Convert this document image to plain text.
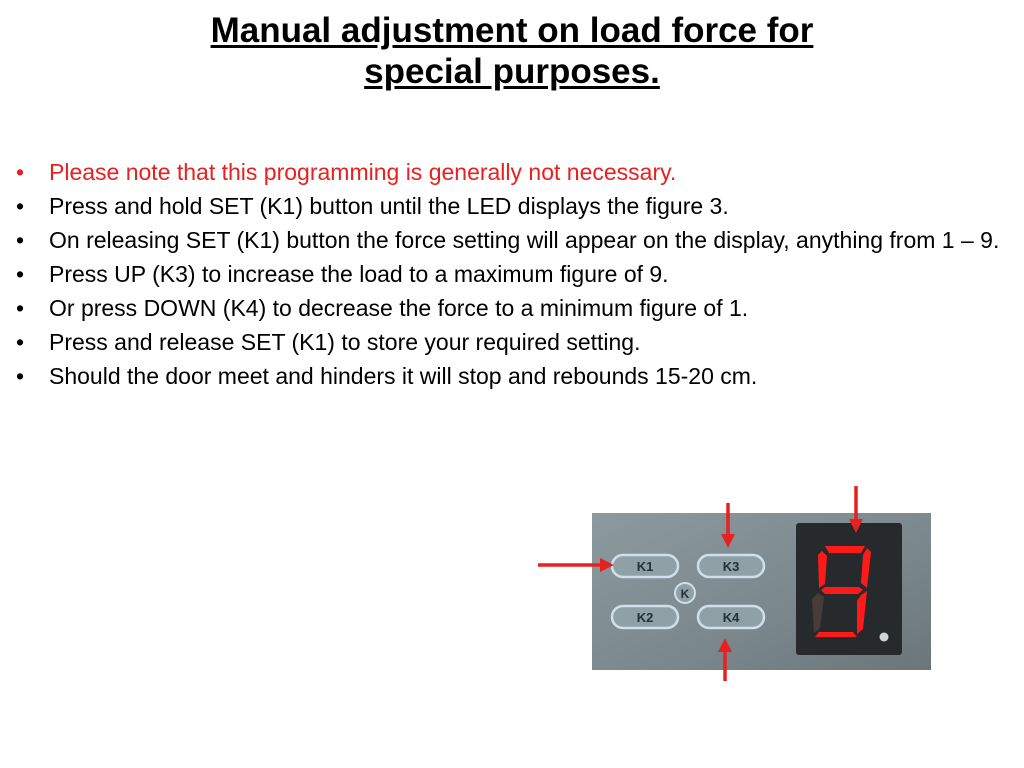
Manual adjustment on load force for
special purposes.
•	Please note that this programming is generally not necessary.
•	Press and hold SET (K1) button until the LED displays the figure 3.
•	On releasing SET (K1) button the force setting will appear on the display, anything from 1 – 9.
•	Press UP (K3) to increase the load to a maximum figure of 9.
•	Or press DOWN (K4) to decrease the force to a minimum figure of 1.
•	Press and release SET (K1) to store your required setting.
•	Should the door meet and hinders it will stop and rebounds 15-20 cm.
K1	K3
K
K2	K4
